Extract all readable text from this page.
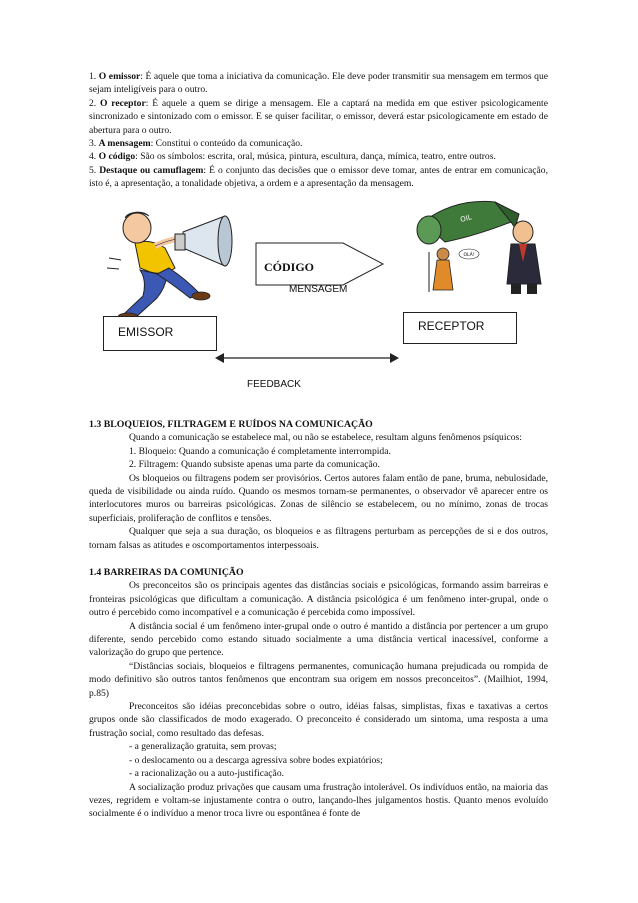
1. O emissor: É aquele que toma a iniciativa da comunicação. Ele deve poder transmitir sua mensagem em termos que sejam inteligíveis para o outro.

2. O receptor: É aquele a quem se dirige a mensagem. Ele a captará na medida em que estiver psicologicamente sincronizado e sintonizado com o emissor. E se quiser facilitar, o emissor, deverá estar psicologicamente em estado de abertura para o outro.

3. A mensagem: Constitui o conteúdo da comunicação.

4. O código: São os símbolos: escrita, oral, música, pintura, escultura, dança, mímica, teatro, entre outros.

5. Destaque ou camuflagem: É o conjunto das decisões que o emissor deve tomar, antes de entrar em comunicação, isto é, a apresentação, a tonalidade objetiva, a ordem e a apresentação da mensagem.

1.3 BLOQUEIOS, FILTRAGEM E RUÍDOS NA COMUNICAÇÃO

Quando a comunicação se estabelece mal, ou não se estabelece, resultam alguns fenômenos psíquicos:

1. Bloqueio: Quando a comunicação é completamente interrompida.

2. Filtragem: Quando subsiste apenas uma parte da comunicação.

Os bloqueios ou filtragens podem ser provisórios. Certos autores falam então de pane, bruma, nebulosidade, queda de visibilidade ou ainda ruído. Quando os mesmos tornam-se permanentes, o observador vê aparecer entre os interlocutores muros ou barreiras psicológicas. Zonas de silêncio se estabelecem, ou no mínimo, zonas de trocas superficiais, proliferação de conflitos e tensões.

Qualquer que seja a sua duração, os bloqueios e as filtragens perturbam as percepções de si e dos outros, tornam falsas as atitudes e oscomportamentos interpessoais.

1.4 BARREIRAS DA COMUNIÇÃO

Os preconceitos são os principais agentes das distâncias sociais e psicológicas, formando assim barreiras e fronteiras psicológicas que dificultam a comunicação. A distância psicológica é um fenômeno inter-grupal, onde o outro é percebido como incompatível e a comunicação é percebida como impossível.

A distância social é um fenômeno inter-grupal onde o outro é mantido a distância por pertencer a um grupo diferente, sendo percebido como estando situado socialmente a uma distância vertical inacessível, conforme a valorização do grupo que pertence.

“Distâncias sociais, bloqueios e filtragens permanentes, comunicação humana prejudicada ou rompida de modo definitivo são outros tantos fenômenos que encontram sua origem em nossos preconceitos”. (Mailhiot, 1994, p.85)

Preconceitos são idéias preconcebidas sobre o outro, idéias falsas, simplistas, fixas e taxativas a certos grupos onde são classificados de modo exagerado. O preconceito é considerado um sintoma, uma resposta a uma frustração social, como resultado das defesas.

- a generalização gratuita, sem provas;

- o deslocamento ou a descarga agressiva sobre bodes expiatórios;

- a racionalização ou a auto-justificação.

A socialização produz privações que causam uma frustração intolerável. Os indivíduos então, na maioria das vezes, regridem e voltam-se injustamente contra o outro, lançando-lhes julgamentos hostis. Quanto menos evoluído socialmente é o indivíduo a menor troca livre ou espontânea é fonte de

OIL
OLÁ!
CÓDIGO
MENSAGEM
EMISSOR	RECEPTOR
FEEDBACK
